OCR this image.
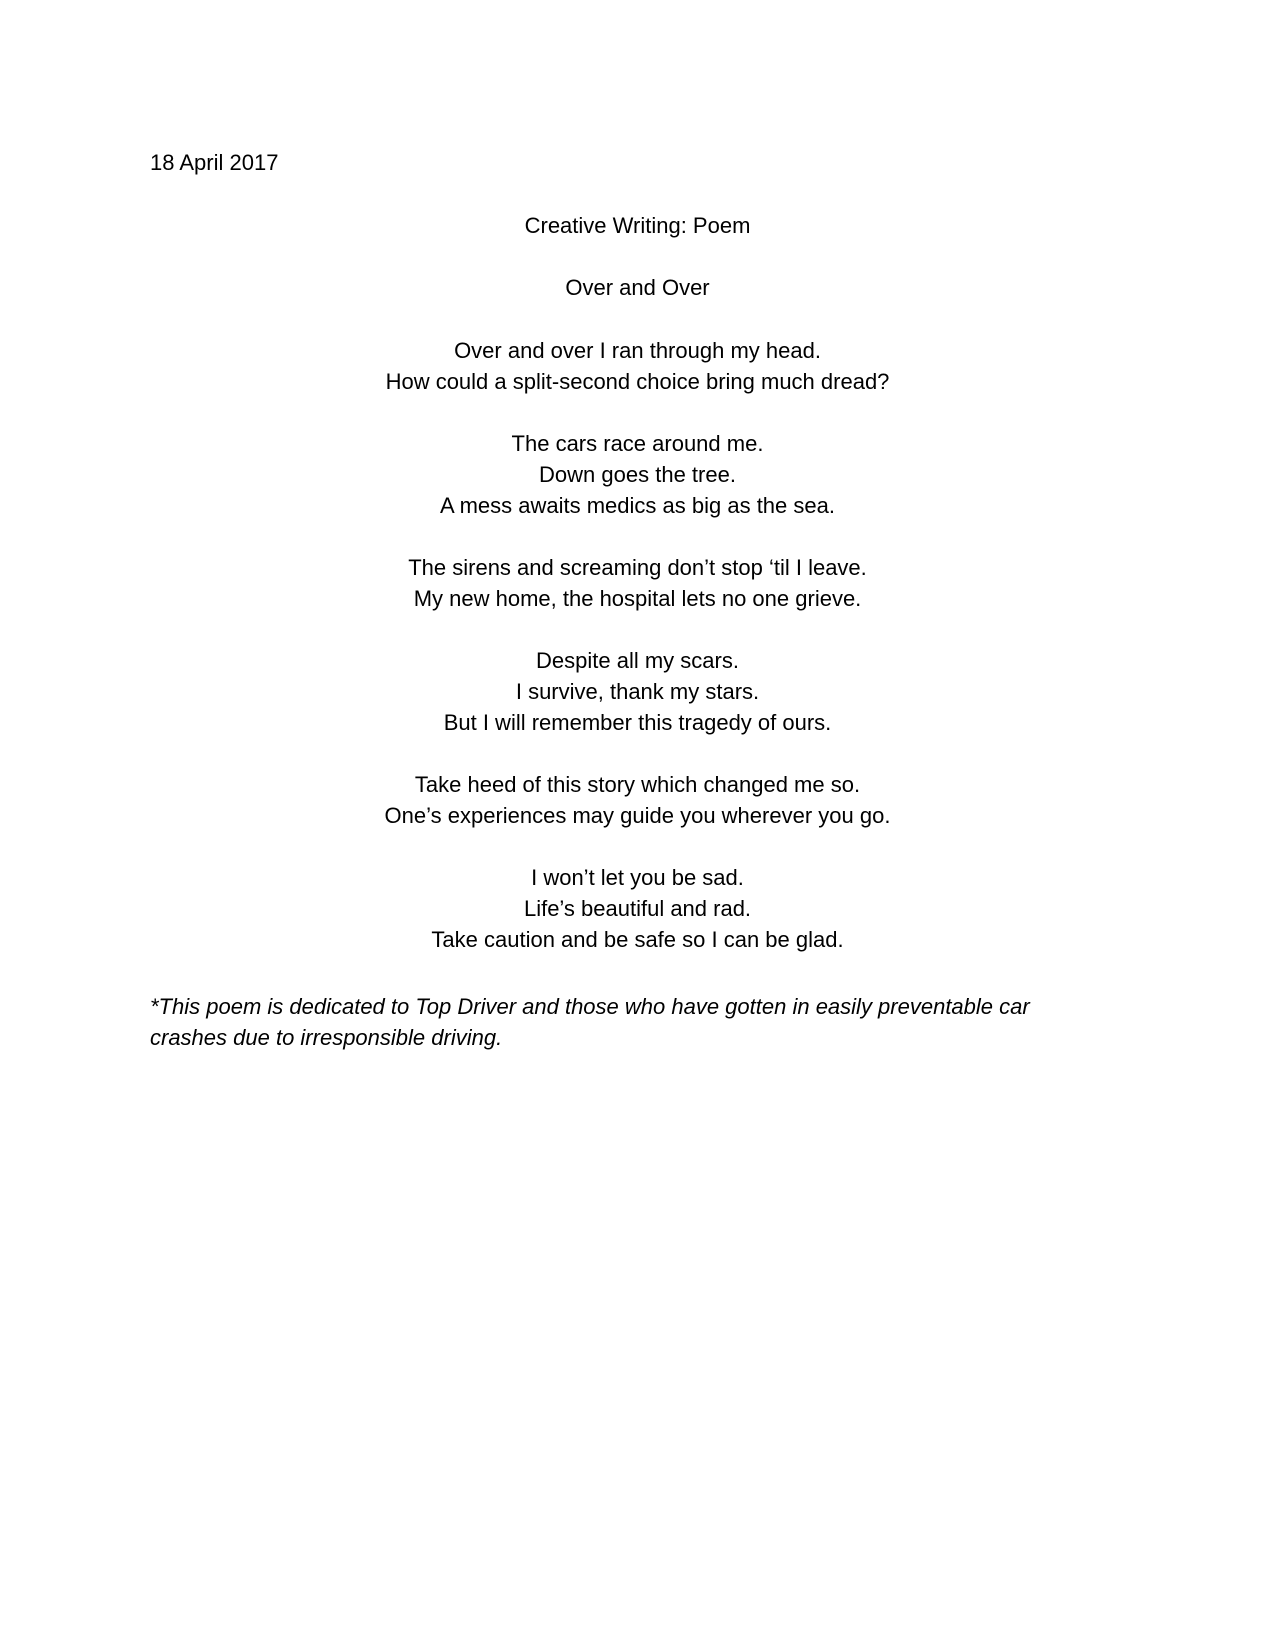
18 April 2017
Creative Writing: Poem
Over and Over
Over and over I ran through my head.
How could a split-second choice bring much dread?
The cars race around me.
Down goes the tree.
A mess awaits medics as big as the sea.
The sirens and screaming don’t stop ‘til I leave.
My new home, the hospital lets no one grieve.
Despite all my scars.
I survive, thank my stars.
But I will remember this tragedy of ours.
Take heed of this story which changed me so.
One’s experiences may guide you wherever you go.
I won’t let you be sad.
Life’s beautiful and rad.
Take caution and be safe so I can be glad.
*This poem is dedicated to Top Driver and those who have gotten in easily preventable car crashes due to irresponsible driving.
